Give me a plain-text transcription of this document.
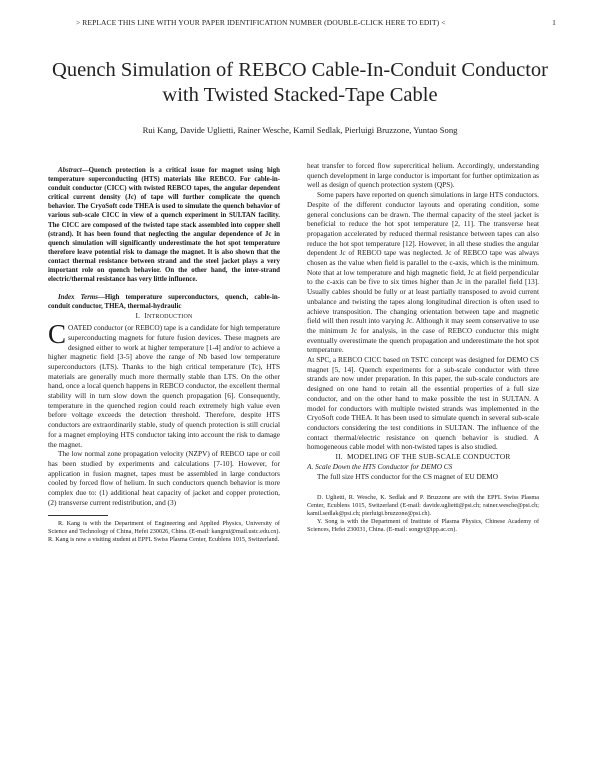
> REPLACE THIS LINE WITH YOUR PAPER IDENTIFICATION NUMBER (DOUBLE-CLICK HERE TO EDIT) <	1
Quench Simulation of REBCO Cable-In-Conduit Conductor with Twisted Stacked-Tape Cable
Rui Kang, Davide Uglietti, Rainer Wesche, Kamil Sedlak, Pierluigi Bruzzone, Yuntao Song

Abstract—Quench protection is a critical issue for magnet using high temperature superconducting (HTS) materials like REBCO. For cable-in-conduit conductor (CICC) with twisted REBCO tapes, the angular dependent critical current density (Jc) of tape will further complicate the quench behavior. The CryoSoft code THEA is used to simulate the quench behavior of various sub-scale CICC in view of a quench experiment in SULTAN facility. The CICC are composed of the twisted tape stack assembled into copper shell (strand). It has been found that neglecting the angular dependence of Jc in quench simulation will significantly underestimate the hot spot temperature therefore leave potential risk to damage the magnet. It is also shown that the contact thermal resistance between strand and the steel jacket plays a very important role on quench behavior. On the other hand, the inter-strand electric/thermal resistance has very little influence.

Index Terms—High temperature superconductors, quench, cable-in-conduit conductor, THEA, thermal-hydraulic

I. INTRODUCTION

COATED conductor (or REBCO) tape is a candidate for high temperature superconducting magnets for future fusion devices. These magnets are designed either to work at higher temperature [1-4] and/or to achieve a higher magnetic field [3-5] above the range of Nb based low temperature superconductors (LTS). Thanks to the high critical temperature (Tc), HTS materials are generally much more thermally stable than LTS. On the other hand, once a local quench happens in REBCO conductor, the excellent thermal stability will in turn slow down the quench propagation [6]. Consequently, temperature in the quenched region could reach extremely high value even before voltage exceeds the detection threshold. Therefore, despite HTS conductors are extraordinarily stable, study of quench protection is still crucial for a magnet employing HTS conductor taking into account the risk to damage the magnet.

The low normal zone propagation velocity (NZPV) of REBCO tape or coil has been studied by experiments and calculations [7-10]. However, for application in fusion magnet, tapes must be assembled in large conductors cooled by forced flow of helium. In such conductors quench behavior is more complex due to: (1) additional heat capacity of jacket and copper protection, (2) transverse current redistribution, and (3)

R. Kang is with the Department of Engineering and Applied Physics, University of Science and Technology of China, Hefei 230026, China. (E-mail: kangrui@mail.ustc.edu.cn). R. Kang is now a visiting student at EPFL Swiss Plasma Center, Ecublens 1015, Switzerland.

heat transfer to forced flow supercritical helium. Accordingly, understanding quench development in large conductor is important for further optimization as well as design of quench protection system (QPS).

Some papers have reported on quench simulations in large HTS conductors. Despite of the different conductor layouts and operating condition, some general conclusions can be drawn. The thermal capacity of the steel jacket is beneficial to reduce the hot spot temperature [2, 11]. The transverse heat propagation accelerated by reduced thermal resistance between tapes can also reduce the hot spot temperature [12]. However, in all these studies the angular dependent Jc of REBCO tape was neglected. Jc of REBCO tape was always chosen as the value when field is parallel to the c-axis, which is the minimum. Note that at low temperature and high magnetic field, Jc at field perpendicular to the c-axis can be five to six times higher than Jc in the parallel field [13]. Usually cables should be fully or at least partially transposed to avoid current unbalance and twisting the tapes along longitudinal direction is often used to achieve transposition. The changing orientation between tape and magnetic field will then result into varying Jc. Although it may seem conservative to use the minimum Jc for analysis, in the case of REBCO conductor this might eventually overestimate the quench propagation and underestimate the hot spot temperature.

At SPC, a REBCO CICC based on TSTC concept was designed for DEMO CS magnet [5, 14]. Quench experiments for a sub-scale conductor with three strands are now under preparation. In this paper, the sub-scale conductors are designed on one hand to retain all the essential properties of a full size conductor, and on the other hand to make possible the test in SULTAN. A model for conductors with multiple twisted strands was implemented in the CryoSoft code THEA. It has been used to simulate quench in several sub-scale conductors considering the test conditions in SULTAN. The influence of the contact thermal/electric resistance on quench behavior is studied. A homogeneous cable model with non-twisted tapes is also studied.

II. MODELING OF THE SUB-SCALE CONDUCTOR

A. Scale Down the HTS Conductor for DEMO CS

The full size HTS conductor for the CS magnet of EU DEMO

D. Uglietti, R. Wesche, K. Sedlak and P. Bruzzone are with the EPFL Swiss Plasma Center, Ecublens 1015, Switzerland (E-mail: davide.uglietti@psi.ch; rainer.wesche@psi.ch; kamil.sedlak@psi.ch; pierluigi.bruzzone@psi.ch).

Y. Song is with the Department of Institute of Plasma Physics, Chinese Academy of Sciences, Hefei 230031, China. (E-mail: songyt@ipp.ac.cn).
